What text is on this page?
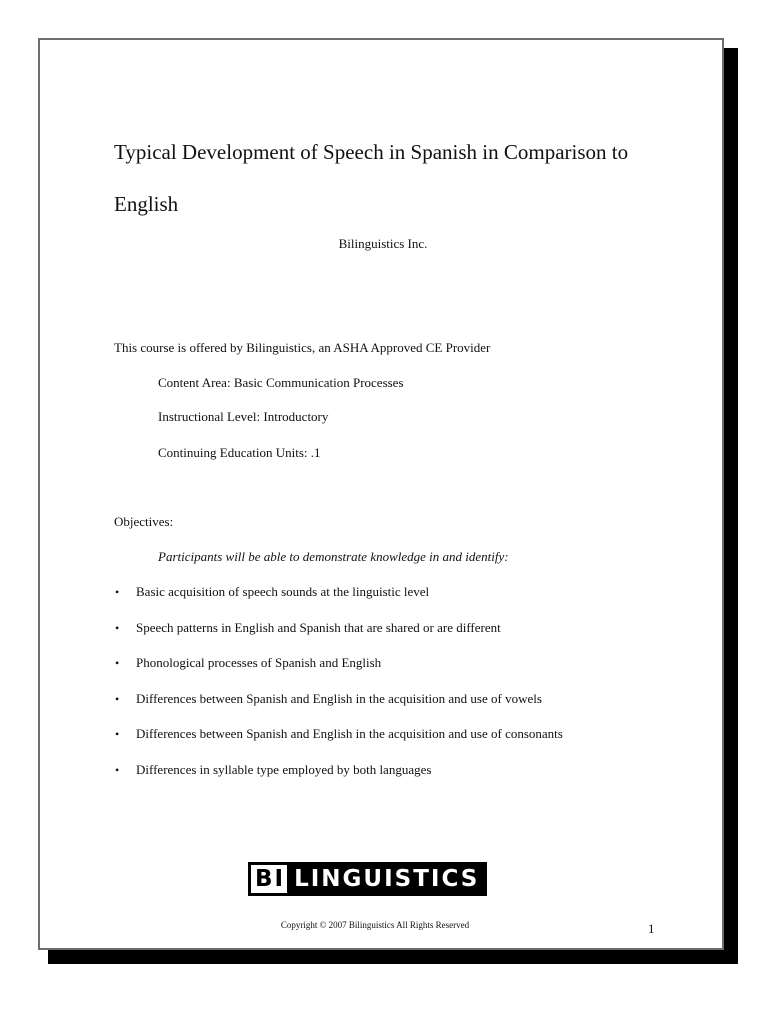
Typical Development of Speech in Spanish in Comparison to English
Bilinguistics Inc.
This course is offered by Bilinguistics, an ASHA Approved CE Provider
Content Area: Basic Communication Processes
Instructional Level: Introductory
Continuing Education Units: .1
Objectives:
Participants will be able to demonstrate knowledge in and identify:
• Basic acquisition of speech sounds at the linguistic level
• Speech patterns in English and Spanish that are shared or are different
• Phonological processes of Spanish and English
• Differences between Spanish and English in the acquisition and use of vowels
• Differences between Spanish and English in the acquisition and use of consonants
• Differences in syllable type employed by both languages
BI LINGUISTICS
Copyright © 2007 Bilinguistics All Rights Reserved	1
